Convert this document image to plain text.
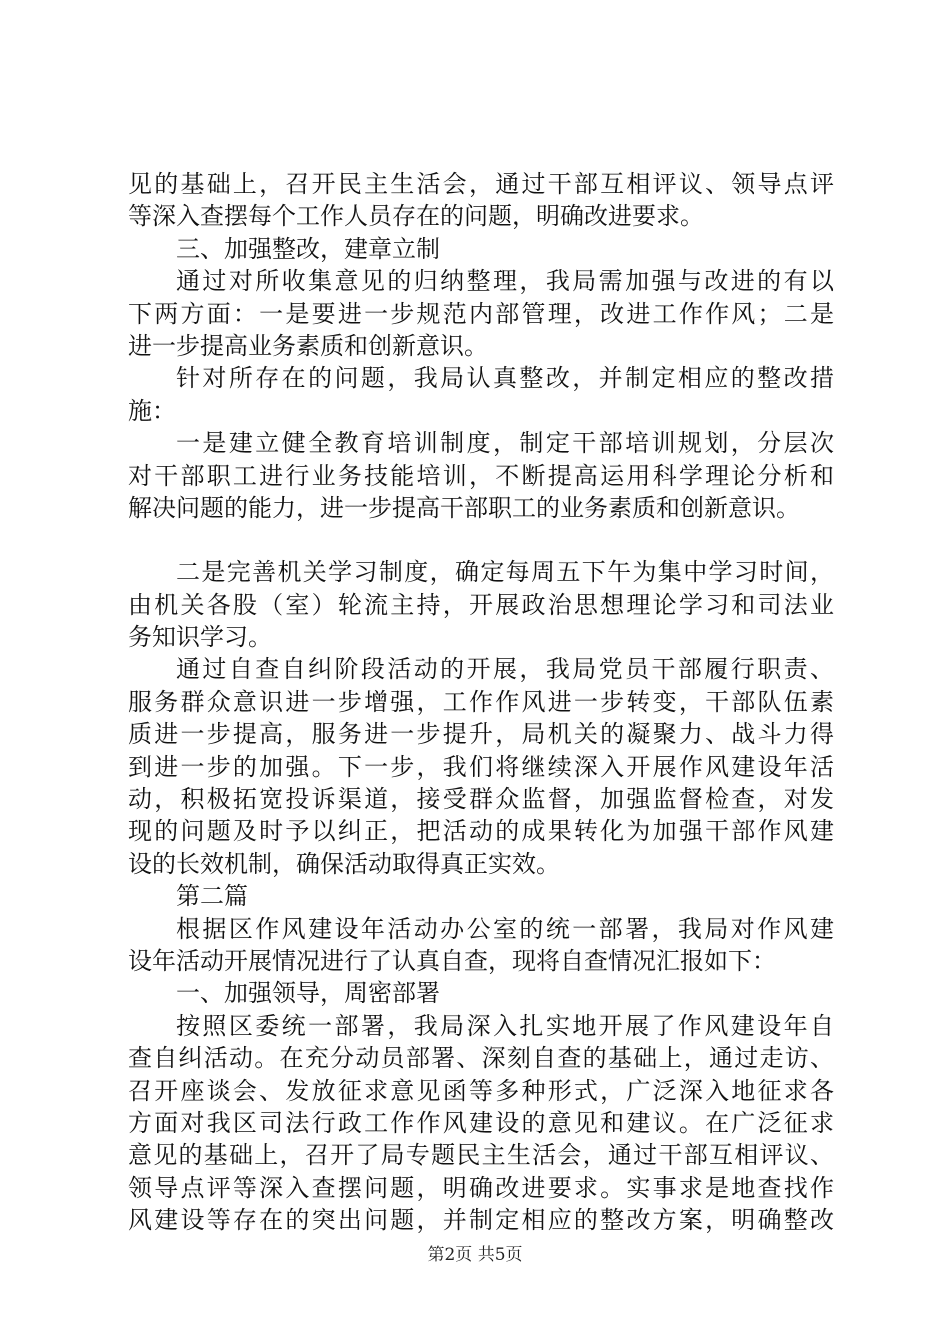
见的基础上，召开民主生活会，通过干部互相评议、领导点评
等深入查摆每个工作人员存在的问题，明确改进要求。
三、加强整改，建章立制
通过对所收集意见的归纳整理，我局需加强与改进的有以
下两方面：一是要进一步规范内部管理，改进工作作风；二是
进一步提高业务素质和创新意识。
针对所存在的问题，我局认真整改，并制定相应的整改措
施：
一是建立健全教育培训制度，制定干部培训规划，分层次
对干部职工进行业务技能培训，不断提高运用科学理论分析和
解决问题的能力，进一步提高干部职工的业务素质和创新意识。
二是完善机关学习制度，确定每周五下午为集中学习时间，
由机关各股（室）轮流主持，开展政治思想理论学习和司法业
务知识学习。
通过自查自纠阶段活动的开展，我局党员干部履行职责、
服务群众意识进一步增强，工作作风进一步转变，干部队伍素
质进一步提高，服务进一步提升，局机关的凝聚力、战斗力得
到进一步的加强。下一步，我们将继续深入开展作风建设年活
动，积极拓宽投诉渠道，接受群众监督，加强监督检查，对发
现的问题及时予以纠正，把活动的成果转化为加强干部作风建
设的长效机制，确保活动取得真正实效。
第二篇
根据区作风建设年活动办公室的统一部署，我局对作风建
设年活动开展情况进行了认真自查，现将自查情况汇报如下：
一、加强领导，周密部署
按照区委统一部署，我局深入扎实地开展了作风建设年自
查自纠活动。在充分动员部署、深刻自查的基础上，通过走访、
召开座谈会、发放征求意见函等多种形式，广泛深入地征求各
方面对我区司法行政工作作风建设的意见和建议。在广泛征求
意见的基础上，召开了局专题民主生活会，通过干部互相评议、
领导点评等深入查摆问题，明确改进要求。实事求是地查找作
风建设等存在的突出问题，并制定相应的整改方案，明确整改
第2页 共5页
